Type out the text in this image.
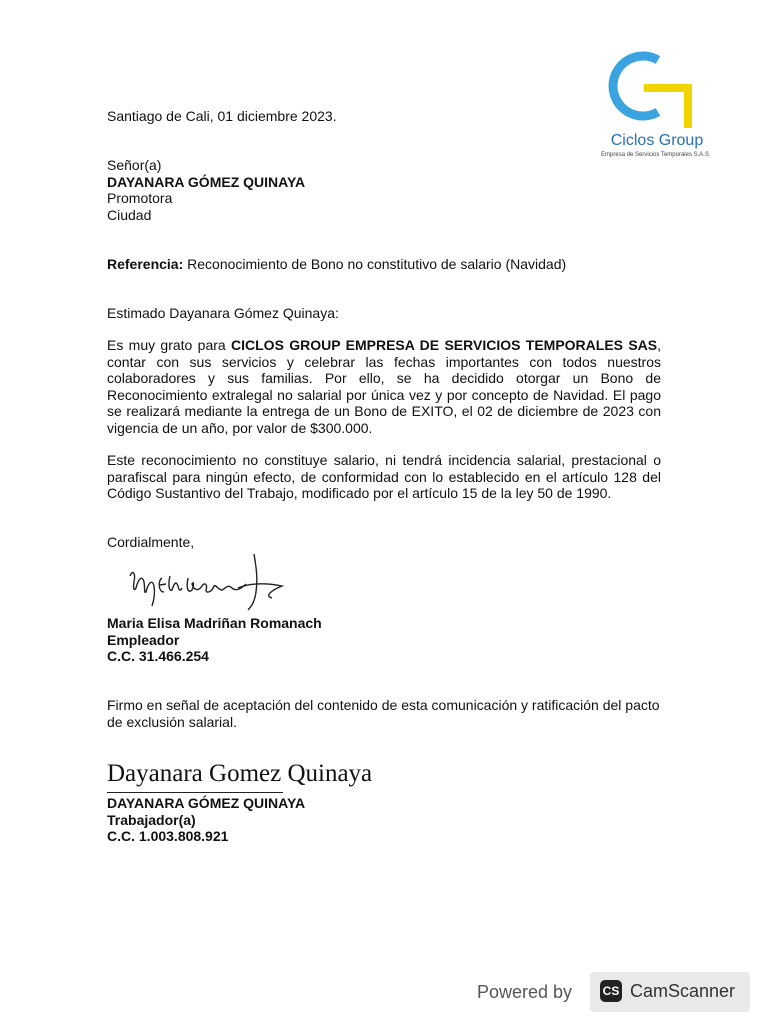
Ciclos Group
Empresa de Servicios Temporales S.A.S
Santiago de Cali, 01 diciembre 2023.
Señor(a)
DAYANARA GÓMEZ QUINAYA
Promotora
Ciudad
Referencia: Reconocimiento de Bono no constitutivo de salario (Navidad)
Estimado Dayanara Gómez Quinaya:
Es muy grato para CICLOS GROUP EMPRESA DE SERVICIOS TEMPORALES SAS, contar con sus servicios y celebrar las fechas importantes con todos nuestros colaboradores y sus familias. Por ello, se ha decidido otorgar un Bono de Reconocimiento extralegal no salarial por única vez y por concepto de Navidad. El pago se realizará mediante la entrega de un Bono de EXITO, el 02 de diciembre de 2023 con vigencia de un año, por valor de $300.000.
Este reconocimiento no constituye salario, ni tendrá incidencia salarial, prestacional o parafiscal para ningún efecto, de conformidad con lo establecido en el artículo 128 del Código Sustantivo del Trabajo, modificado por el artículo 15 de la ley 50 de 1990.
Cordialmente,
Maria Elisa Madriñan Romanach
Empleador
C.C. 31.466.254
Firmo en señal de aceptación del contenido de esta comunicación y ratificación del pacto de exclusión salarial.
Dayanara Gomez Quinaya
DAYANARA GÓMEZ QUINAYA
Trabajador(a)
C.C. 1.003.808.921
Powered by	CS CamScanner
